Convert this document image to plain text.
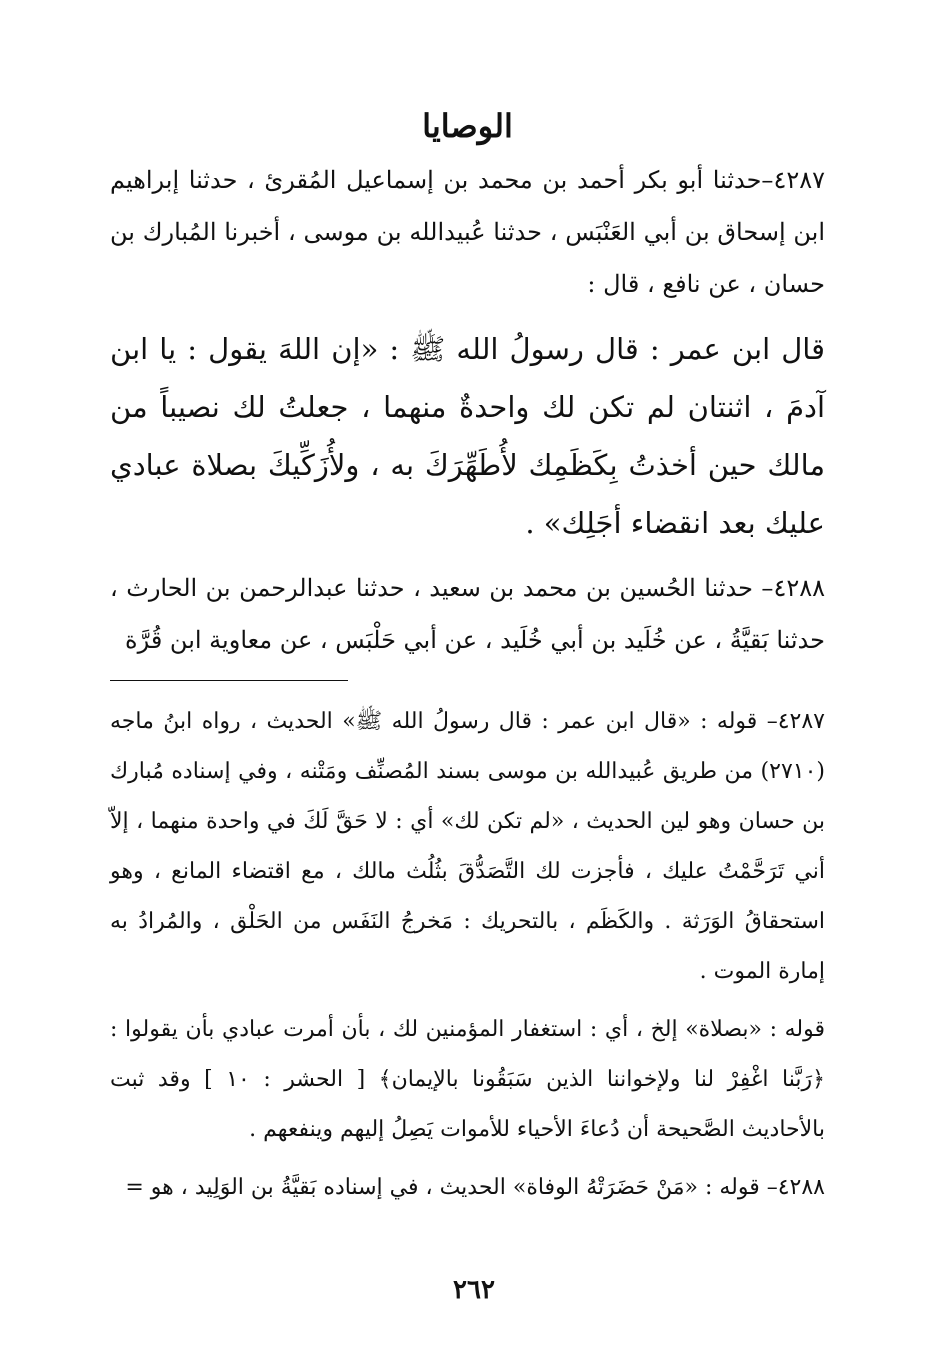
الوصايا

٤٢٨٧–حدثنا أبو بكر أحمد بن محمد بن إسماعيل المُقرئ ، حدثنا إبراهيم ابن إسحاق بن أبي العَنْبَس ، حدثنا عُبيدالله بن موسى ، أخبرنا المُبارك بن حسان ، عن نافع ، قال :

قال ابن عمر : قال رسولُ الله ﷺ : «إن اللهَ يقول : يا ابن آدمَ ، اثنتان لم تكن لك واحدةٌ منهما ، جعلتُ لك نصيباً من مالك حين أخذتُ بِكَظَمِك لأُطَهِّرَكَ به ، ولأُزَكِّيكَ بصلاة عبادي عليك بعد انقضاء أجَلِك» .

٤٢٨٨– حدثنا الحُسين بن محمد بن سعيد ، حدثنا عبدالرحمن بن الحارث ، حدثنا بَقيَّةُ ، عن خُلَيد بن أبي خُلَيد ، عن أبي حَلْبَس ، عن معاوية ابن قُرَّة

٤٢٨٧– قوله : «قال ابن عمر : قال رسولُ الله ﷺ» الحديث ، رواه ابنُ ماجه (٢٧١٠) من طريق عُبيدالله بن موسى بسند المُصنِّف ومَتْنه ، وفي إسناده مُبارك بن حسان وهو لين الحديث ، «لم تكن لك» أي : لا حَقَّ لَكَ في واحدة منهما ، إلاّ أني تَرَحَّمْتُ عليك ، فأجزت لك التَّصَدُّقَ بثُلُث مالك ، مع اقتضاء المانع ، وهو استحقاقُ الوَرَثة . والكَظَم ، بالتحريك : مَخرجُ النَفَس من الحَلْق ، والمُرادُ به إمارة الموت .

قوله : «بصلاة» إلخ ، أي : استغفار المؤمنين لك ، بأن أمرت عبادي بأن يقولوا : ﴿رَبَّنا اغْفِرْ لنا ولإخواننا الذين سَبَقُونا بالإيمان﴾ [ الحشر : ١٠ ] وقد ثبت بالأحاديث الصَّحيحة أن دُعاءَ الأحياء للأموات يَصِلُ إليهم وينفعهم .

٤٢٨٨– قوله : «مَنْ حَضَرَتْهُ الوفاة» الحديث ، في إسناده بَقيَّةُ بن الوَلِيد ، هو =

٢٦٢
